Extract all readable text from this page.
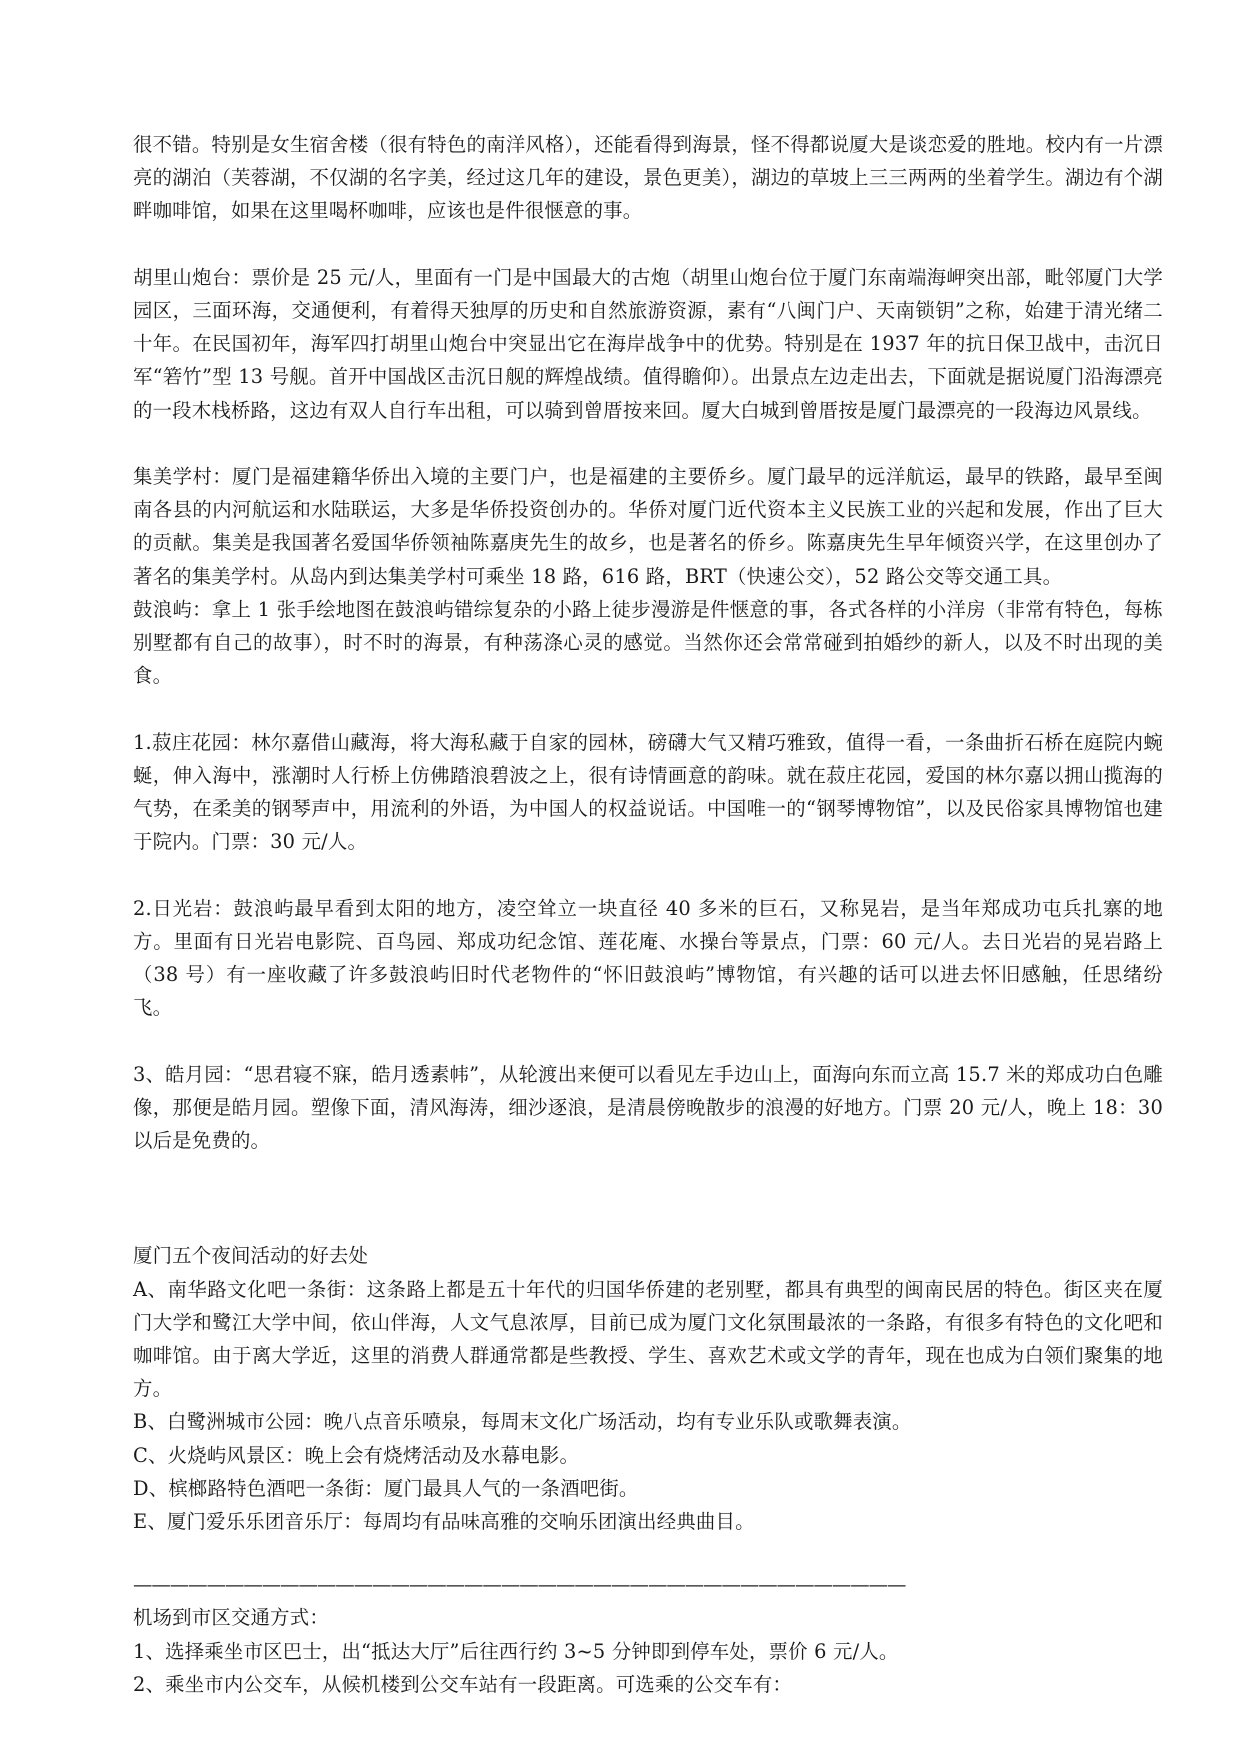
很不错。特别是女生宿舍楼（很有特色的南洋风格），还能看得到海景，怪不得都说厦大是谈恋爱的胜地。校内有一片漂亮的湖泊（芙蓉湖，不仅湖的名字美，经过这几年的建设，景色更美），湖边的草坡上三三两两的坐着学生。湖边有个湖畔咖啡馆，如果在这里喝杯咖啡，应该也是件很惬意的事。

胡里山炮台：票价是 25 元/人，里面有一门是中国最大的古炮（胡里山炮台位于厦门东南端海岬突出部，毗邻厦门大学园区，三面环海，交通便利，有着得天独厚的历史和自然旅游资源，素有“八闽门户、天南锁钥”之称，始建于清光绪二十年。在民国初年，海军四打胡里山炮台中突显出它在海岸战争中的优势。特别是在 1937 年的抗日保卫战中，击沉日军“箬竹”型 13 号舰。首开中国战区击沉日舰的辉煌战绩。值得瞻仰）。出景点左边走出去，下面就是据说厦门沿海漂亮的一段木栈桥路，这边有双人自行车出租，可以骑到曾厝按来回。厦大白城到曾厝按是厦门最漂亮的一段海边风景线。

集美学村：厦门是福建籍华侨出入境的主要门户，也是福建的主要侨乡。厦门最早的远洋航运，最早的铁路，最早至闽南各县的内河航运和水陆联运，大多是华侨投资创办的。华侨对厦门近代资本主义民族工业的兴起和发展，作出了巨大的贡献。集美是我国著名爱国华侨领袖陈嘉庚先生的故乡，也是著名的侨乡。陈嘉庚先生早年倾资兴学，在这里创办了著名的集美学村。从岛内到达集美学村可乘坐 18 路，616 路，BRT（快速公交），52 路公交等交通工具。

鼓浪屿：拿上 1 张手绘地图在鼓浪屿错综复杂的小路上徒步漫游是件惬意的事，各式各样的小洋房（非常有特色，每栋别墅都有自己的故事），时不时的海景，有种荡涤心灵的感觉。当然你还会常常碰到拍婚纱的新人，以及不时出现的美食。

1.菽庄花园：林尔嘉借山藏海，将大海私藏于自家的园林，磅礴大气又精巧雅致，值得一看，一条曲折石桥在庭院内蜿蜒，伸入海中，涨潮时人行桥上仿佛踏浪碧波之上，很有诗情画意的韵味。就在菽庄花园，爱国的林尔嘉以拥山揽海的气势，在柔美的钢琴声中，用流利的外语，为中国人的权益说话。中国唯一的“钢琴博物馆”，以及民俗家具博物馆也建于院内。门票：30 元/人。

2.日光岩：鼓浪屿最早看到太阳的地方，凌空耸立一块直径 40 多米的巨石，又称晃岩，是当年郑成功屯兵扎寨的地方。里面有日光岩电影院、百鸟园、郑成功纪念馆、莲花庵、水操台等景点，门票：60 元/人。去日光岩的晃岩路上（38 号）有一座收藏了许多鼓浪屿旧时代老物件的“怀旧鼓浪屿”博物馆，有兴趣的话可以进去怀旧感触，任思绪纷飞。

3、皓月园：“思君寝不寐，皓月透素帏”，从轮渡出来便可以看见左手边山上，面海向东而立高 15.7 米的郑成功白色雕像，那便是皓月园。塑像下面，清风海涛，细沙逐浪，是清晨傍晚散步的浪漫的好地方。门票 20 元/人，晚上 18：30 以后是免费的。

厦门五个夜间活动的好去处

A、南华路文化吧一条街：这条路上都是五十年代的归国华侨建的老别墅，都具有典型的闽南民居的特色。街区夹在厦门大学和鹭江大学中间，依山伴海，人文气息浓厚，目前已成为厦门文化氛围最浓的一条路，有很多有特色的文化吧和咖啡馆。由于离大学近，这里的消费人群通常都是些教授、学生、喜欢艺术或文学的青年，现在也成为白领们聚集的地方。

B、白鹭洲城市公园：晚八点音乐喷泉，每周末文化广场活动，均有专业乐队或歌舞表演。

C、火烧屿风景区：晚上会有烧烤活动及水幕电影。

D、槟榔路特色酒吧一条街：厦门最具人气的一条酒吧街。

E、厦门爱乐乐团音乐厅：每周均有品味高雅的交响乐团演出经典曲目。

——————————————————————————————————————————

机场到市区交通方式：

1、选择乘坐市区巴士，出“抵达大厅”后往西行约 3~5 分钟即到停车处，票价 6 元/人。

2、乘坐市内公交车，从候机楼到公交车站有一段距离。可选乘的公交车有：
